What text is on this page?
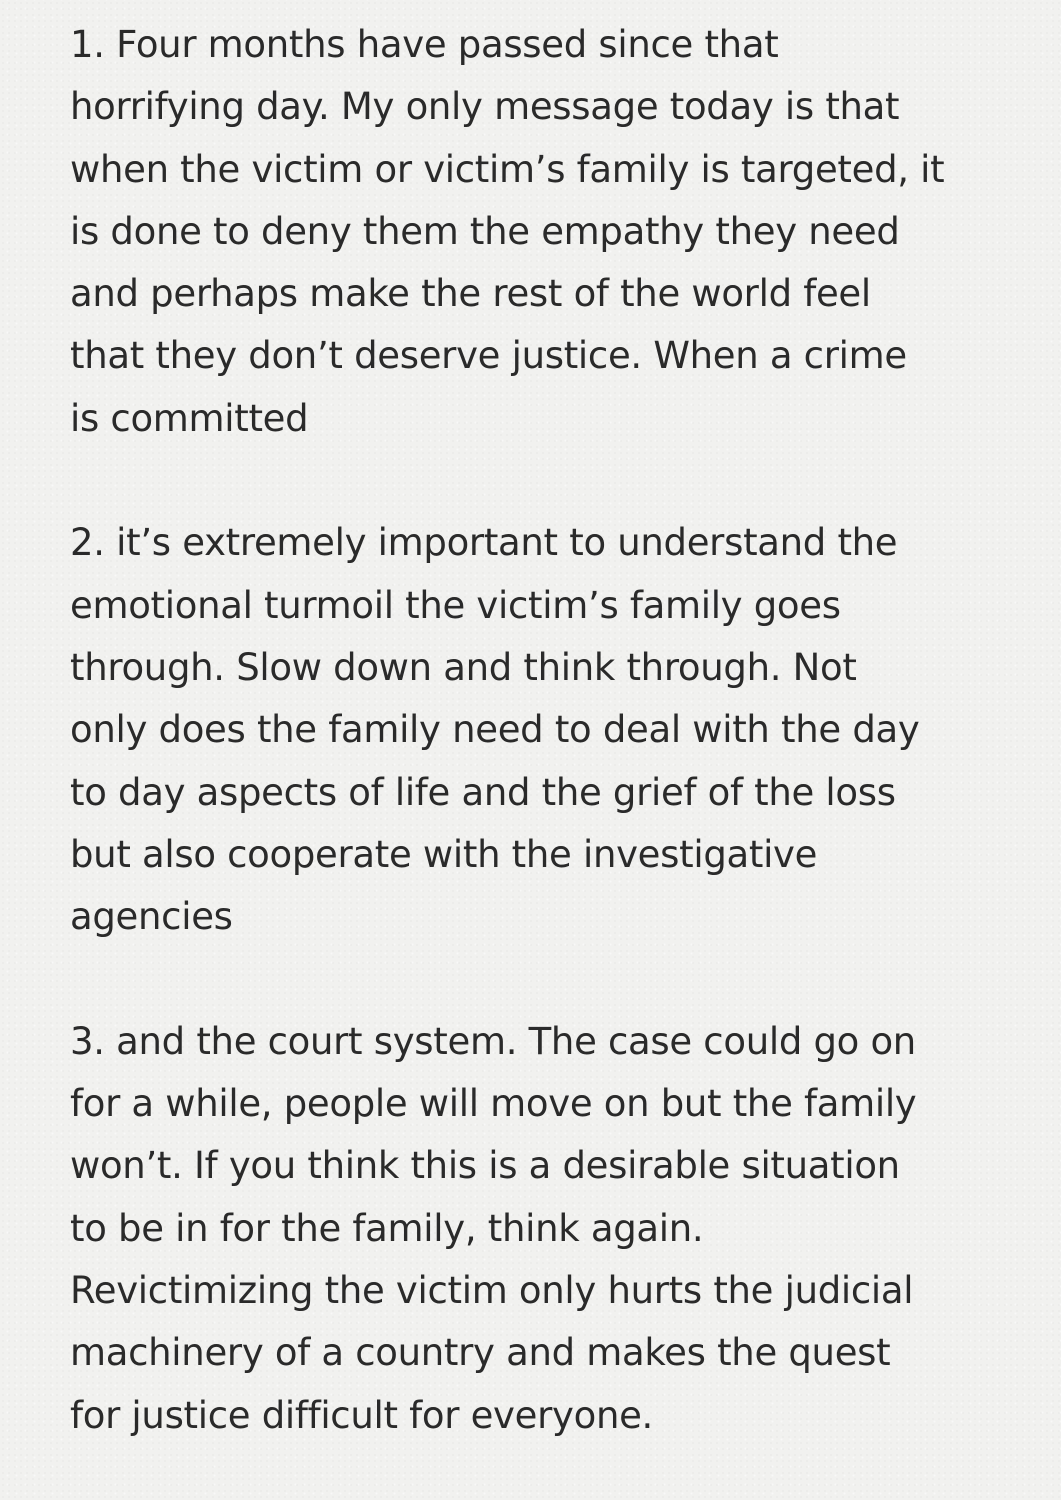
1. Four months have passed since that
horrifying day. My only message today is that
when the victim or victim’s family is targeted, it
is done to deny them the empathy they need
and perhaps make the rest of the world feel
that they don’t deserve justice. When a crime
is committed

2. it’s extremely important to understand the
emotional turmoil the victim’s family goes
through. Slow down and think through. Not
only does the family need to deal with the day
to day aspects of life and the grief of the loss
but also cooperate with the investigative
agencies

3. and the court system. The case could go on
for a while, people will move on but the family
won’t. If you think this is a desirable situation
to be in for the family, think again.
Revictimizing the victim only hurts the judicial
machinery of a country and makes the quest
for justice difficult for everyone.
